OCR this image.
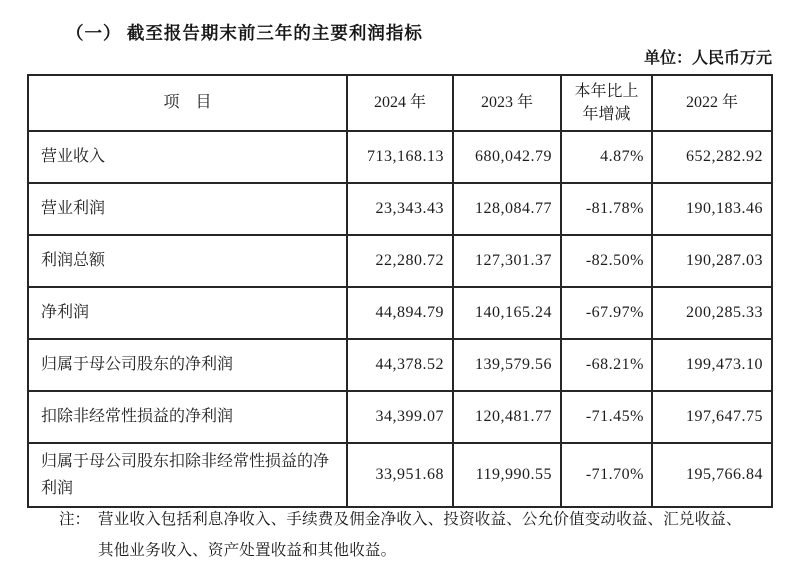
（一） 截至报告期末前三年的主要利润指标
单位：人民币万元
项　目	2024 年	2023 年	本年比上年增减	2022 年
营业收入	713,168.13	680,042.79	4.87%	652,282.92
营业利润	23,343.43	128,084.77	-81.78%	190,183.46
利润总额	22,280.72	127,301.37	-82.50%	190,287.03
净利润	44,894.79	140,165.24	-67.97%	200,285.33
归属于母公司股东的净利润	44,378.52	139,579.56	-68.21%	199,473.10
扣除非经常性损益的净利润	34,399.07	120,481.77	-71.45%	197,647.75
归属于母公司股东扣除非经常性损益的净利润	33,951.68	119,990.55	-71.70%	195,766.84
注： 营业收入包括利息净收入、手续费及佣金净收入、投资收益、公允价值变动收益、汇兑收益、其他业务收入、资产处置收益和其他收益。
